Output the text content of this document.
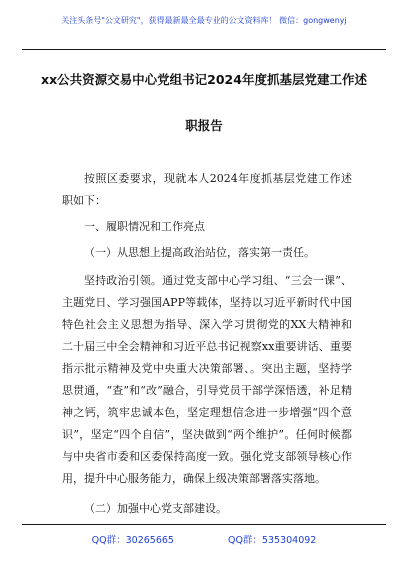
关注头条号"公文研究"，获得最新最全最专业的公文资料库！ 微信：gongwenyj
xx公共资源交易中心党组书记2024年度抓基层党建工作述
职报告

按照区委要求，现就本人2024年度抓基层党建工作述职如下：

一、履职情况和工作亮点

（一）从思想上提高政治站位，落实第一责任。

坚持政治引领。通过党支部中心学习组、“三会一课”、主题党日、学习强国APP等载体，坚持以习近平新时代中国特色社会主义思想为指导、深入学习贯彻党的XX大精神和二十届三中全会精神和习近平总书记视察xx重要讲话、重要指示批示精神及党中央重大决策部署、。突出主题，坚持学思贯通，“查”和“改”融合，引导党员干部学深悟透，补足精神之钙，筑牢忠诚本色，坚定理想信念进一步增强“四个意识”，坚定“四个自信”，坚决做到“两个维护”。任何时候都与中央省市委和区委保持高度一致。强化党支部领导核心作用，提升中心服务能力，确保上级决策部署落实落地。

（二）加强中心党支部建设。

QQ群：30265665	QQ群：535304092
